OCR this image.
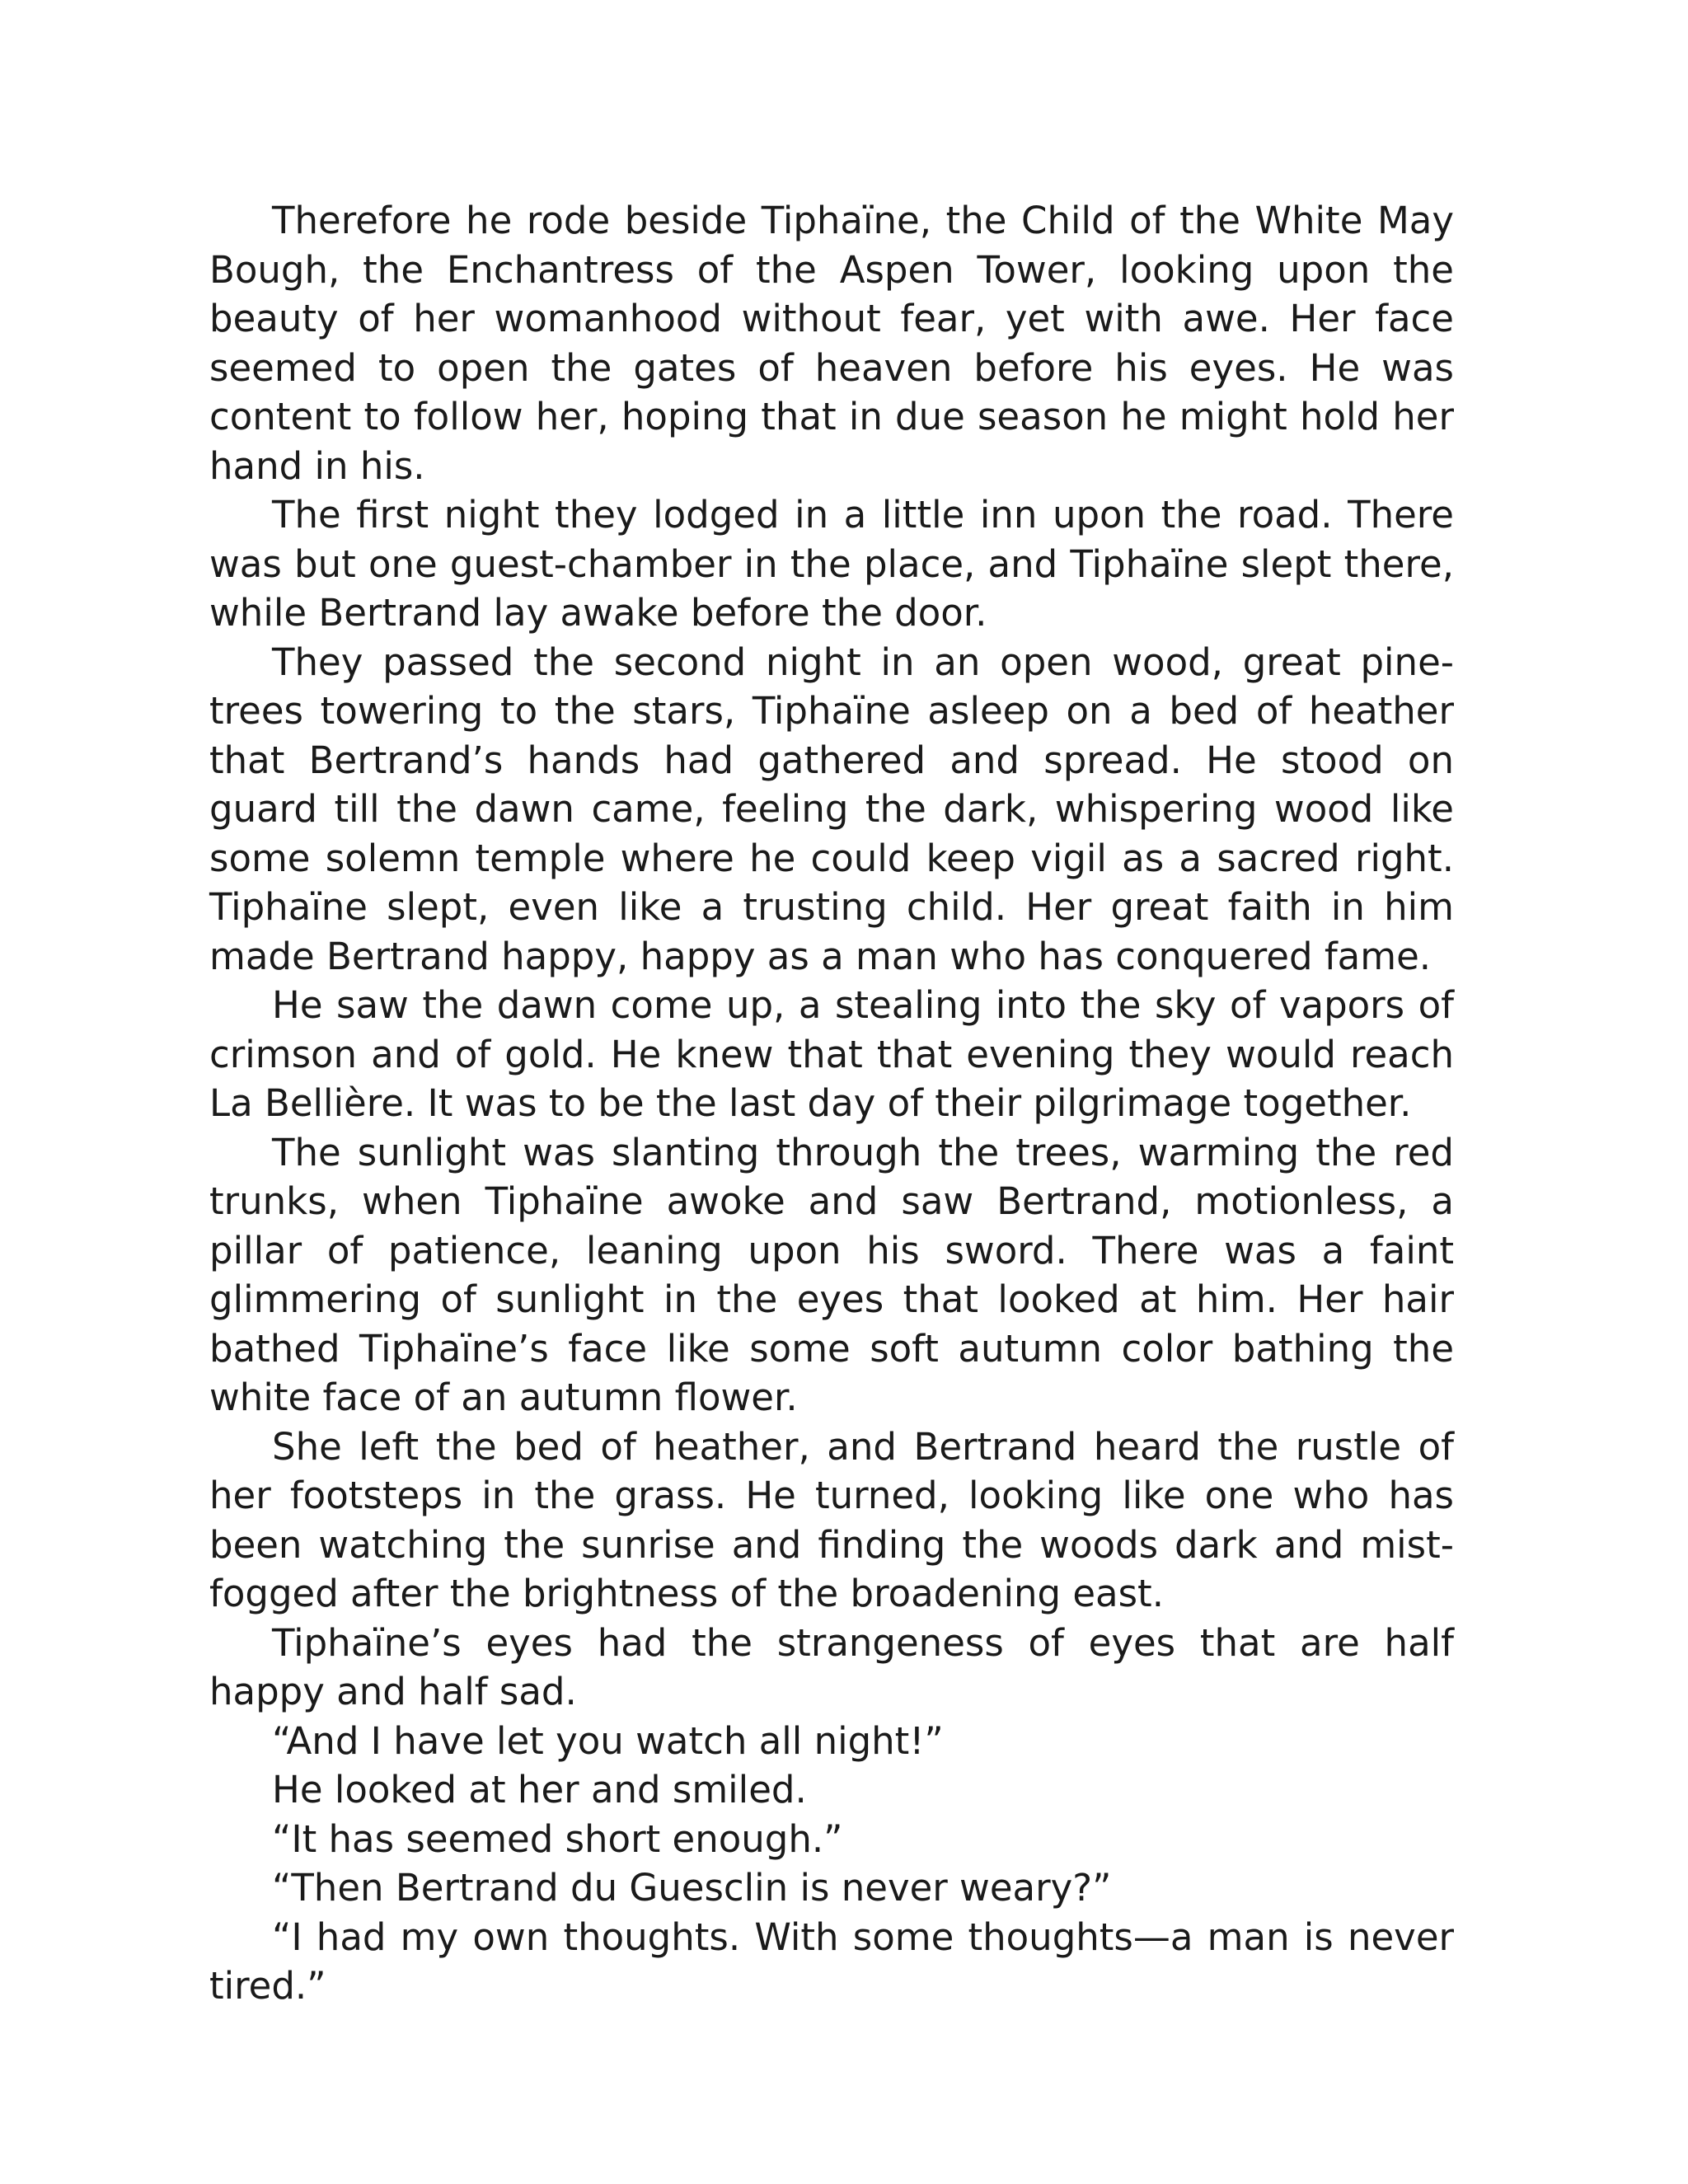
Therefore he rode beside Tiphaïne, the Child of the White May Bough, the Enchantress of the Aspen Tower, looking upon the beauty of her womanhood without fear, yet with awe. Her face seemed to open the gates of heaven before his eyes. He was content to follow her, hoping that in due season he might hold her hand in his.

The first night they lodged in a little inn upon the road. There was but one guest-chamber in the place, and Tiphaïne slept there, while Bertrand lay awake before the door.

They passed the second night in an open wood, great pine-trees towering to the stars, Tiphaïne asleep on a bed of heather that Bertrand’s hands had gathered and spread. He stood on guard till the dawn came, feeling the dark, whispering wood like some solemn temple where he could keep vigil as a sacred right. Tiphaïne slept, even like a trusting child. Her great faith in him made Bertrand happy, happy as a man who has conquered fame.

He saw the dawn come up, a stealing into the sky of vapors of crimson and of gold. He knew that that evening they would reach La Bellière. It was to be the last day of their pilgrimage together.

The sunlight was slanting through the trees, warming the red trunks, when Tiphaïne awoke and saw Bertrand, motionless, a pillar of patience, leaning upon his sword. There was a faint glimmering of sunlight in the eyes that looked at him. Her hair bathed Tiphaïne’s face like some soft autumn color bathing the white face of an autumn flower.

She left the bed of heather, and Bertrand heard the rustle of her footsteps in the grass. He turned, looking like one who has been watching the sunrise and finding the woods dark and mist-fogged after the brightness of the broadening east.

Tiphaïne’s eyes had the strangeness of eyes that are half happy and half sad.

“And I have let you watch all night!”

He looked at her and smiled.

“It has seemed short enough.”

“Then Bertrand du Guesclin is never weary?”

“I had my own thoughts. With some thoughts—a man is never tired.”
